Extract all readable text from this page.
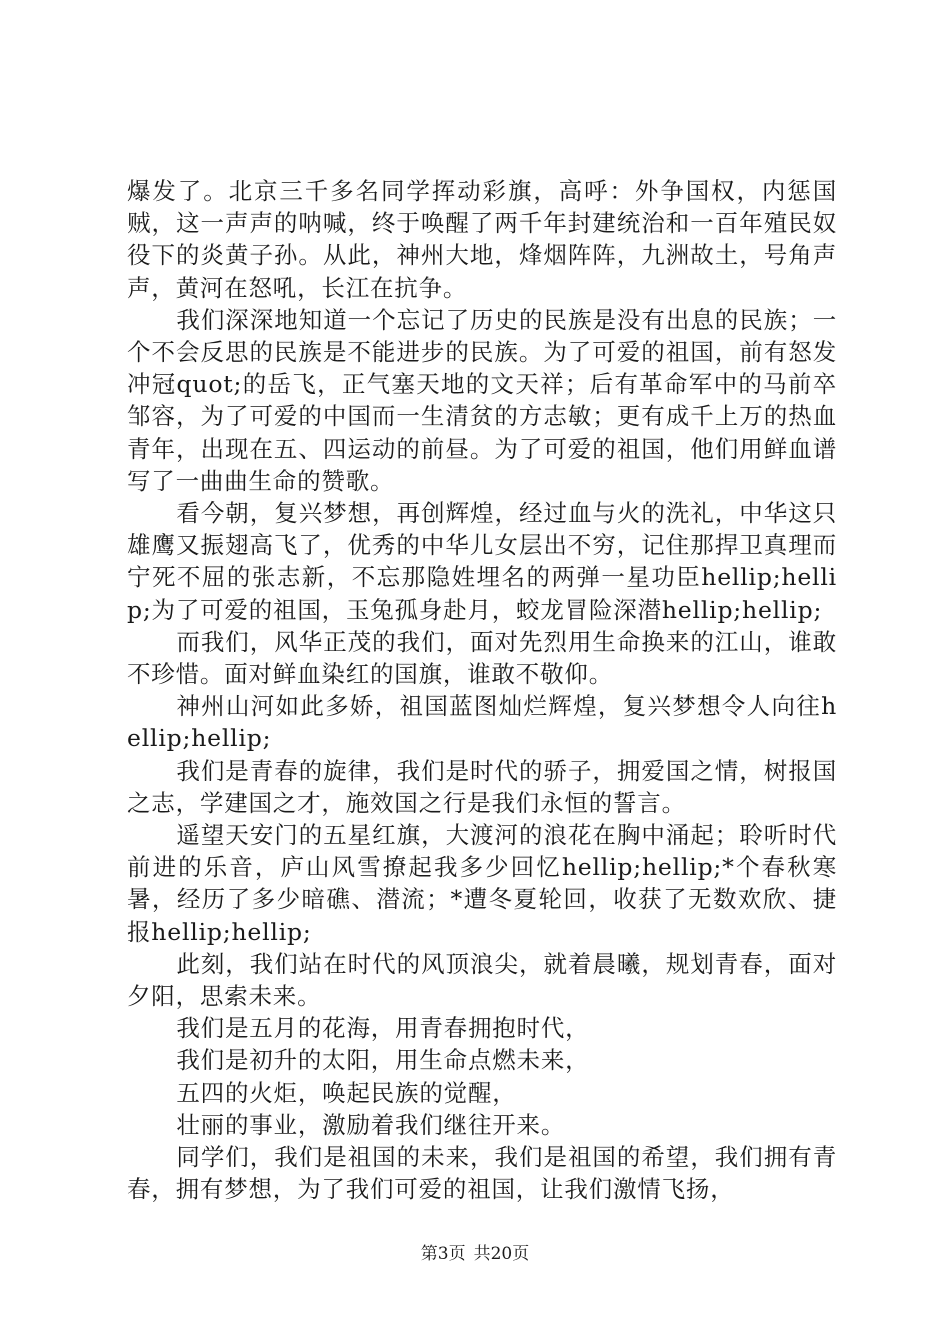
爆发了。北京三千多名同学挥动彩旗，高呼：外争国权，内惩国贼，这一声声的呐喊，终于唤醒了两千年封建统治和一百年殖民奴役下的炎黄子孙。从此，神州大地，烽烟阵阵，九洲故土，号角声声，黄河在怒吼，长江在抗争。

我们深深地知道一个忘记了历史的民族是没有出息的民族；一个不会反思的民族是不能进步的民族。为了可爱的祖国，前有怒发冲冠quot;的岳飞，正气塞天地的文天祥；后有革命军中的马前卒邹容，为了可爱的中国而一生清贫的方志敏；更有成千上万的热血青年，出现在五、四运动的前昼。为了可爱的祖国，他们用鲜血谱写了一曲曲生命的赞歌。

看今朝，复兴梦想，再创辉煌，经过血与火的洗礼，中华这只雄鹰又振翅高飞了，优秀的中华儿女层出不穷，记住那捍卫真理而宁死不屈的张志新，不忘那隐姓埋名的两弹一星功臣hellip;hellip;为了可爱的祖国，玉兔孤身赴月，蛟龙冒险深潜hellip;hellip;

而我们，风华正茂的我们，面对先烈用生命换来的江山，谁敢不珍惜。面对鲜血染红的国旗，谁敢不敬仰。

神州山河如此多娇，祖国蓝图灿烂辉煌，复兴梦想令人向往hellip;hellip;

我们是青春的旋律，我们是时代的骄子，拥爱国之情，树报国之志，学建国之才，施效国之行是我们永恒的誓言。

遥望天安门的五星红旗，大渡河的浪花在胸中涌起；聆听时代前进的乐音，庐山风雪撩起我多少回忆hellip;hellip;*个春秋寒暑，经历了多少暗礁、潜流；*遭冬夏轮回，收获了无数欢欣、捷报hellip;hellip;

此刻，我们站在时代的风顶浪尖，就着晨曦，规划青春，面对夕阳，思索未来。

我们是五月的花海，用青春拥抱时代，

我们是初升的太阳，用生命点燃未来，

五四的火炬，唤起民族的觉醒，

壮丽的事业，激励着我们继往开来。

同学们，我们是祖国的未来，我们是祖国的希望，我们拥有青春，拥有梦想，为了我们可爱的祖国，让我们激情飞扬，

第3页 共20页
